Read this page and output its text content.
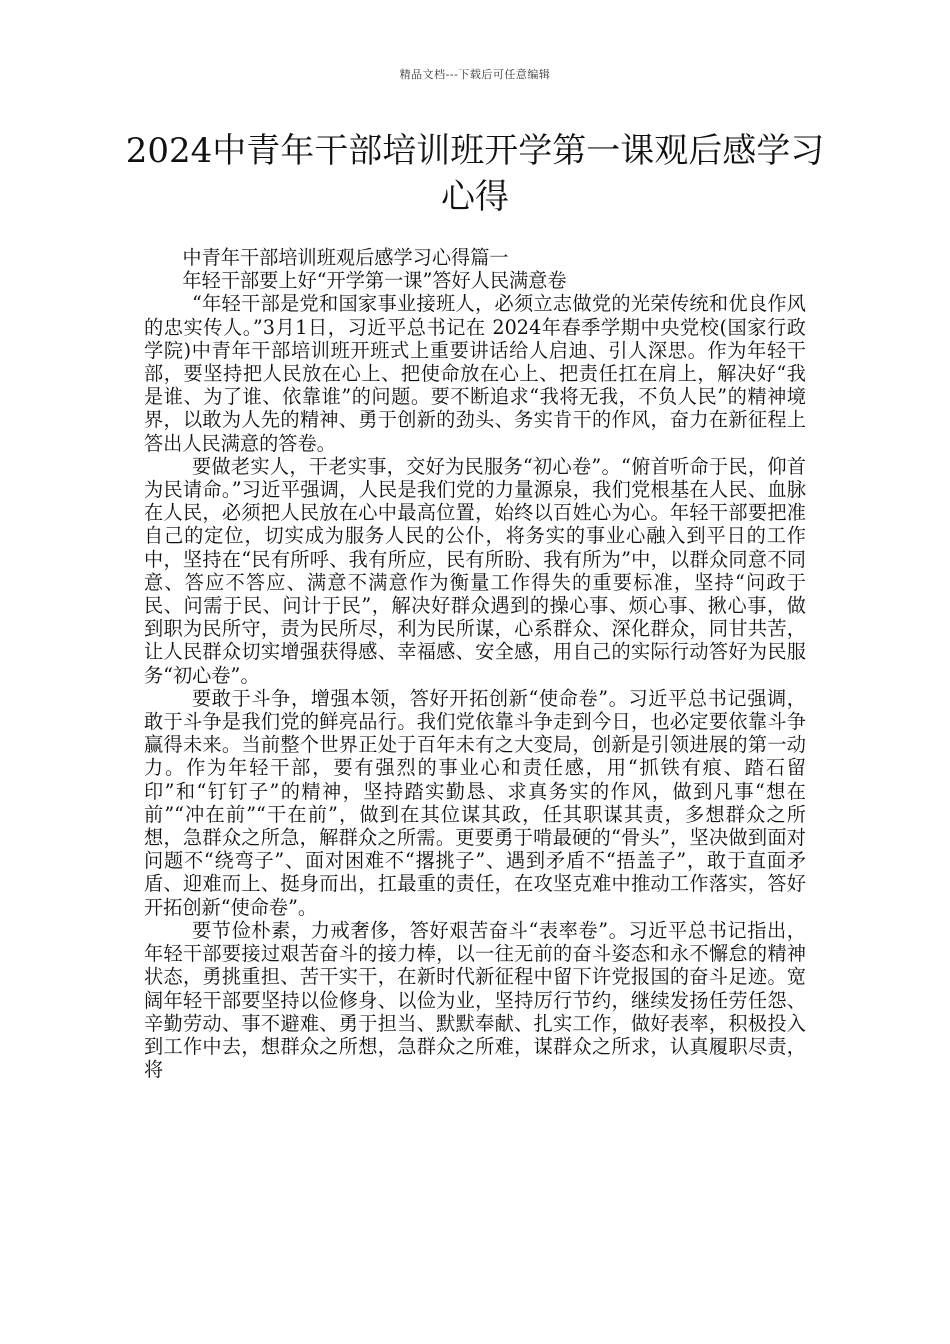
精品文档---下载后可任意编辑
2024中青年干部培训班开学第一课观后感学习心得

中青年干部培训班观后感学习心得篇一

年轻干部要上好“开学第一课”答好人民满意卷

“年轻干部是党和国家事业接班人，必须立志做党的光荣传统和优良作风的忠实传人。”3月1日，习近平总书记在 2024年春季学期中央党校(国家行政学院)中青年干部培训班开班式上重要讲话给人启迪、引人深思。作为年轻干部，要坚持把人民放在心上、把使命放在心上、把责任扛在肩上，解决好“我是谁、为了谁、依靠谁”的问题。要不断追求“我将无我，不负人民”的精神境界，以敢为人先的精神、勇于创新的劲头、务实肯干的作风，奋力在新征程上答出人民满意的答卷。

要做老实人，干老实事，交好为民服务“初心卷”。“俯首听命于民，仰首为民请命。”习近平强调，人民是我们党的力量源泉，我们党根基在人民、血脉在人民，必须把人民放在心中最高位置，始终以百姓心为心。年轻干部要把准自己的定位，切实成为服务人民的公仆，将务实的事业心融入到平日的工作中，坚持在“民有所呼、我有所应，民有所盼、我有所为”中，以群众同意不同意、答应不答应、满意不满意作为衡量工作得失的重要标准，坚持“问政于民、问需于民、问计于民”，解决好群众遇到的操心事、烦心事、揪心事，做到职为民所守，责为民所尽，利为民所谋，心系群众、深化群众，同甘共苦，让人民群众切实增强获得感、幸福感、安全感，用自己的实际行动答好为民服务“初心卷”。

要敢于斗争，增强本领，答好开拓创新“使命卷”。习近平总书记强调，敢于斗争是我们党的鲜亮品行。我们党依靠斗争走到今日，也必定要依靠斗争赢得未来。当前整个世界正处于百年未有之大变局，创新是引领进展的第一动力。作为年轻干部，要有强烈的事业心和责任感，用“抓铁有痕、踏石留印”和“钉钉子”的精神，坚持踏实勤恳、求真务实的作风，做到凡事“想在前”“冲在前”“干在前”，做到在其位谋其政，任其职谋其责，多想群众之所想，急群众之所急，解群众之所需。更要勇于啃最硬的“骨头”，坚决做到面对问题不“绕弯子”、面对困难不“撂挑子”、遇到矛盾不“捂盖子”，敢于直面矛盾、迎难而上、挺身而出，扛最重的责任，在攻坚克难中推动工作落实，答好开拓创新“使命卷”。

要节俭朴素，力戒奢侈，答好艰苦奋斗“表率卷”。习近平总书记指出，年轻干部要接过艰苦奋斗的接力棒，以一往无前的奋斗姿态和永不懈怠的精神状态，勇挑重担、苦干实干，在新时代新征程中留下许党报国的奋斗足迹。宽阔年轻干部要坚持以俭修身、以俭为业，坚持厉行节约，继续发扬任劳任怨、辛勤劳动、事不避难、勇于担当、默默奉献、扎实工作，做好表率，积极投入到工作中去，想群众之所想，急群众之所难，谋群众之所求，认真履职尽责，将
